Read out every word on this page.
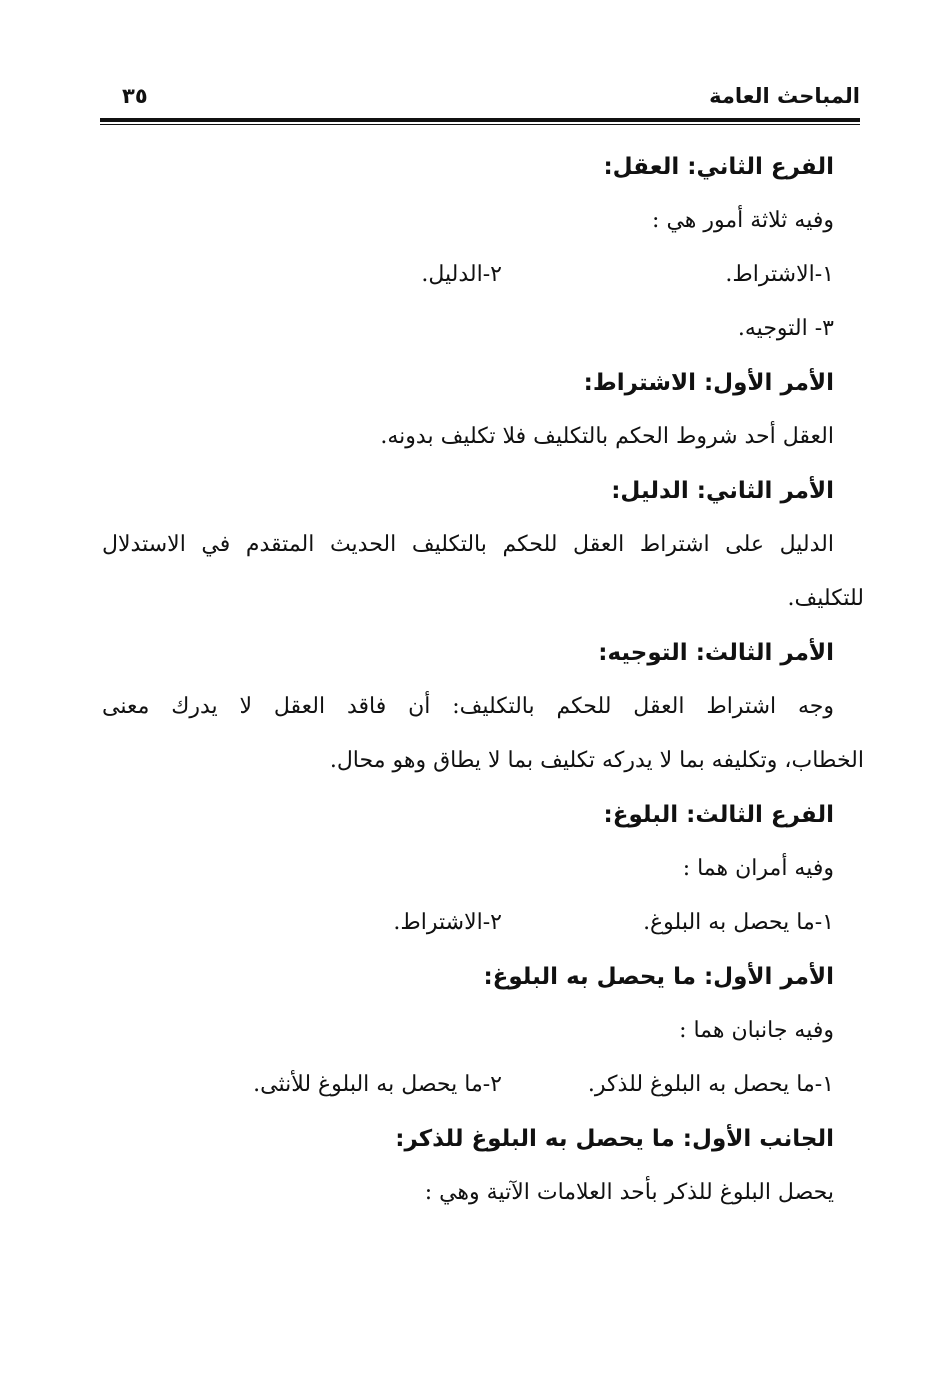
المباحث العامة
٣٥
الفرع الثاني: العقل:
وفيه ثلاثة أمور هي :
١-الاشتراط.
٢-الدليل.
٣- التوجيه.
الأمر الأول: الاشتراط:
العقل أحد شروط الحكم بالتكليف فلا تكليف بدونه.
الأمر الثاني: الدليل:
الدليل على اشتراط العقل للحكم بالتكليف الحديث المتقدم في الاستدلال
للتكليف.
الأمر الثالث: التوجيه:
وجه اشتراط العقل للحكم بالتكليف: أن فاقد العقل لا يدرك معنى
الخطاب، وتكليفه بما لا يدركه تكليف بما لا يطاق وهو محال.
الفرع الثالث: البلوغ:
وفيه أمران هما :
١-ما يحصل به البلوغ.
٢-الاشتراط.
الأمر الأول: ما يحصل به البلوغ:
وفيه جانبان هما :
١-ما يحصل به البلوغ للذكر.
٢-ما يحصل به البلوغ للأنثى.
الجانب الأول: ما يحصل به البلوغ للذكر:
يحصل البلوغ للذكر بأحد العلامات الآتية وهي :
